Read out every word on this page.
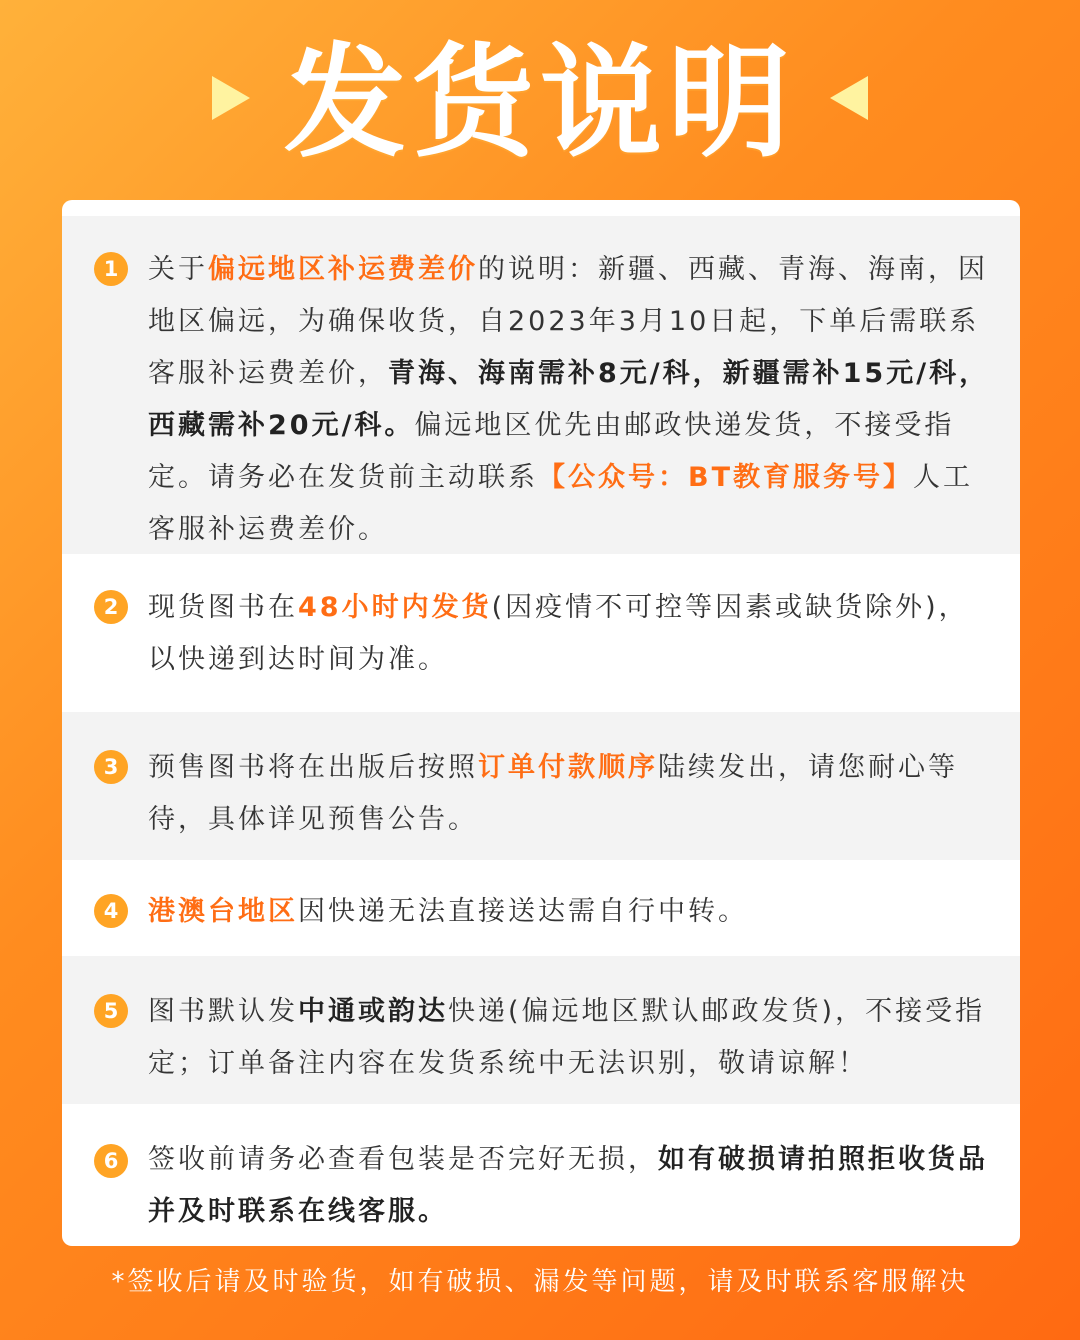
发货说明
1	关于偏远地区补运费差价的说明：新疆、西藏、青海、海南，因地区偏远，为确保收货，自2023年3月10日起，下单后需联系客服补运费差价，青海、海南需补8元/科，新疆需补15元/科，西藏需补20元/科。偏远地区优先由邮政快递发货，不接受指定。请务必在发货前主动联系【公众号：BT教育服务号】人工客服补运费差价。
2	现货图书在48小时内发货(因疫情不可控等因素或缺货除外)，以快递到达时间为准。
3	预售图书将在出版后按照订单付款顺序陆续发出，请您耐心等待，具体详见预售公告。
4	港澳台地区因快递无法直接送达需自行中转。
5	图书默认发中通或韵达快递(偏远地区默认邮政发货)，不接受指定；订单备注内容在发货系统中无法识别，敬请谅解！
6	签收前请务必查看包装是否完好无损，如有破损请拍照拒收货品并及时联系在线客服。
*签收后请及时验货，如有破损、漏发等问题，请及时联系客服解决
